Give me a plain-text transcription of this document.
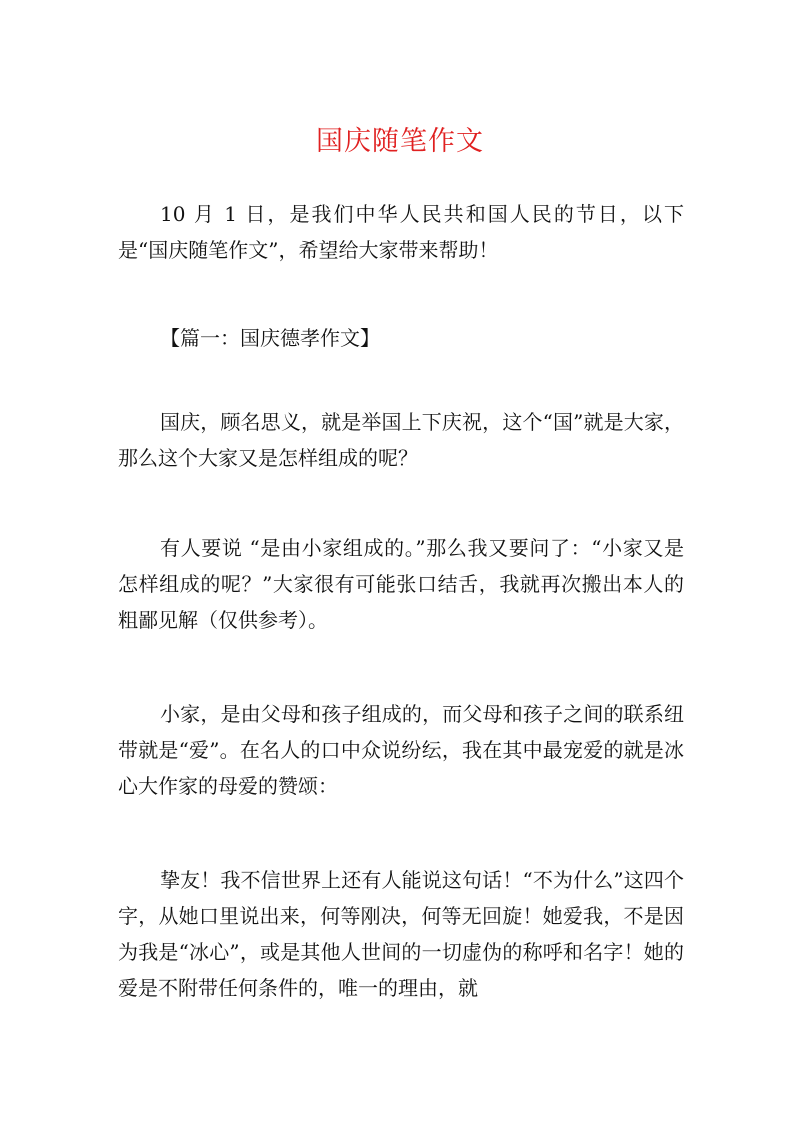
国庆随笔作文

10 月 1 日，是我们中华人民共和国人民的节日，以下是“国庆随笔作文”，希望给大家带来帮助！

【篇一：国庆德孝作文】

国庆，顾名思义，就是举国上下庆祝，这个“国”就是大家，那么这个大家又是怎样组成的呢？

有人要说 “是由小家组成的。”那么我又要问了：“小家又是怎样组成的呢？”大家很有可能张口结舌，我就再次搬出本人的粗鄙见解（仅供参考）。

小家，是由父母和孩子组成的，而父母和孩子之间的联系纽带就是“爱”。在名人的口中众说纷纭，我在其中最宠爱的就是冰心大作家的母爱的赞颂：

挚友！我不信世界上还有人能说这句话！“不为什么”这四个字，从她口里说出来，何等刚决，何等无回旋！她爱我，不是因为我是“冰心”，或是其他人世间的一切虚伪的称呼和名字！她的爱是不附带任何条件的，唯一的理由，就
